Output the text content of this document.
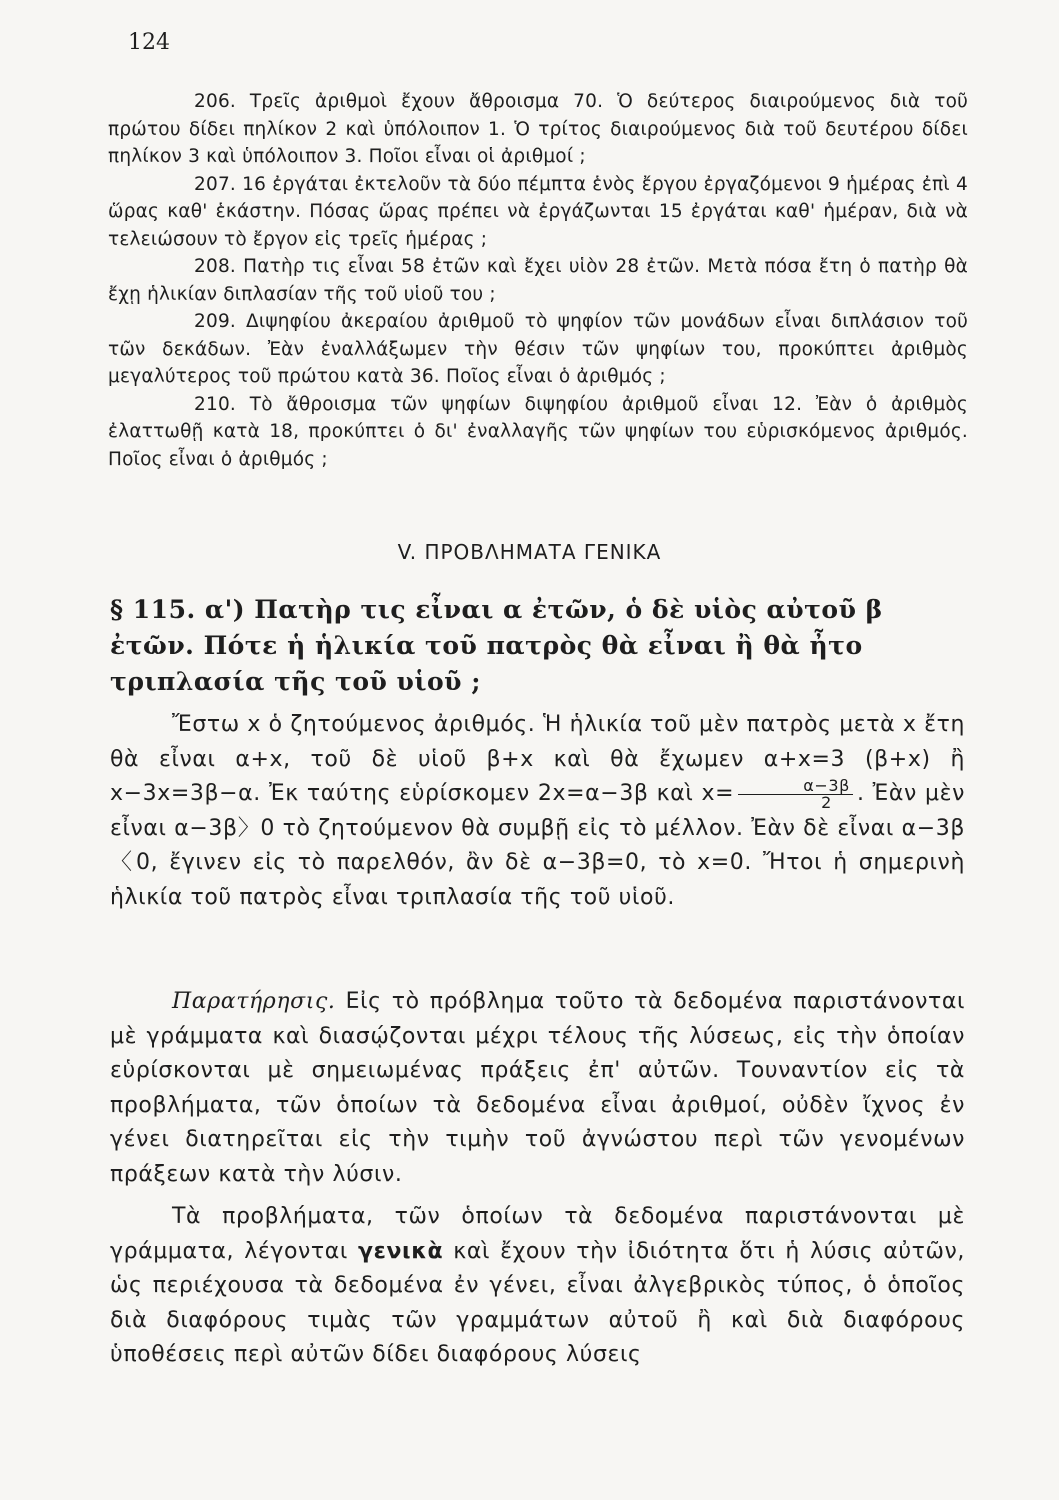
124

206. Τρεῖς ἀριθμοὶ ἔχουν ἄθροισμα 70. Ὁ δεύτερος διαιρούμενος διὰ τοῦ πρώτου δίδει πηλίκον 2 καὶ ὑπόλοιπον 1. Ὁ τρίτος διαιρούμενος διὰ τοῦ δευτέρου δίδει πηλίκον 3 καὶ ὑπόλοιπον 3. Ποῖοι εἶναι οἱ ἀριθμοί ;

207. 16 ἐργάται ἐκτελοῦν τὰ δύο πέμπτα ἑνὸς ἔργου ἐργαζόμενοι 9 ἡμέρας ἐπὶ 4 ὥρας καθ' ἑκάστην. Πόσας ὥρας πρέπει νὰ ἐργάζωνται 15 ἐργάται καθ' ἡμέραν, διὰ νὰ τελειώσουν τὸ ἔργον εἰς τρεῖς ἡμέρας ;

208. Πατὴρ τις εἶναι 58 ἐτῶν καὶ ἔχει υἱὸν 28 ἐτῶν. Μετὰ πόσα ἔτη ὁ πατὴρ θὰ ἔχῃ ἡλικίαν διπλασίαν τῆς τοῦ υἱοῦ του ;

209. Διψηφίου ἀκεραίου ἀριθμοῦ τὸ ψηφίον τῶν μονάδων εἶναι διπλάσιον τοῦ τῶν δεκάδων. Ἐὰν ἐναλλάξωμεν τὴν θέσιν τῶν ψηφίων του, προκύπτει ἀριθμὸς μεγαλύτερος τοῦ πρώτου κατὰ 36. Ποῖος εἶναι ὁ ἀριθμός ;

210. Τὸ ἄθροισμα τῶν ψηφίων διψηφίου ἀριθμοῦ εἶναι 12. Ἐὰν ὁ ἀριθμὸς ἐλαττωθῇ κατὰ 18, προκύπτει ὁ δι' ἐναλλαγῆς τῶν ψηφίων του εὑρισκόμενος ἀριθμός. Ποῖος εἶναι ὁ ἀριθμός ;

V. ΠΡΟΒΛΗΜΑΤΑ ΓΕΝΙΚΑ
§ 115. α') Πατὴρ τις εἶναι α ἐτῶν, ὁ δὲ υἱὸς αὐτοῦ β ἐτῶν. Πότε ἡ ἡλικία τοῦ πατρὸς θὰ εἶναι ἢ θὰ ἦτο τριπλασία τῆς τοῦ υἱοῦ ;

Ἔστω x ὁ ζητούμενος ἀριθμός. Ἡ ἡλικία τοῦ μὲν πατρὸς μετὰ x ἔτη θὰ εἶναι α+x, τοῦ δὲ υἱοῦ β+x καὶ θὰ ἔχωμεν α+x=3 (β+x) ἢ x−3x=3β−α. Ἐκ ταύτης εὑρίσκομεν 2x=α−3β καὶ $x= \frac{\alpha-3\beta}{2}$ . Ἐὰν μὲν εἶναι α−3β〉0 τὸ ζητούμενον θὰ συμβῇ εἰς τὸ μέλλον. Ἐὰν δὲ εἶναι α−3β〈0, ἔγινεν εἰς τὸ παρελθόν, ἂν δὲ α−3β=0, τὸ x=0. Ἤτοι ἡ σημερινὴ ἡλικία τοῦ πατρὸς εἶναι τριπλασία τῆς τοῦ υἱοῦ.

Παρατήρησις. Εἰς τὸ πρόβλημα τοῦτο τὰ δεδομένα παριστάνονται μὲ γράμματα καὶ διασῴζονται μέχρι τέλους τῆς λύσεως, εἰς τὴν ὁποίαν εὑρίσκονται μὲ σημειωμένας πράξεις ἐπ' αὐτῶν. Τουναντίον εἰς τὰ προβλήματα, τῶν ὁποίων τὰ δεδομένα εἶναι ἀριθμοί, οὐδὲν ἴχνος ἐν γένει διατηρεῖται εἰς τὴν τιμὴν τοῦ ἀγνώστου περὶ τῶν γενομένων πράξεων κατὰ τὴν λύσιν.

Τὰ προβλήματα, τῶν ὁποίων τὰ δεδομένα παριστάνονται μὲ γράμματα, λέγονται γενικὰ καὶ ἔχουν τὴν ἰδιότητα ὅτι ἡ λύσις αὐτῶν, ὡς περιέχουσα τὰ δεδομένα ἐν γένει, εἶναι ἀλγεβρικὸς τύπος, ὁ ὁποῖος διὰ διαφόρους τιμὰς τῶν γραμμάτων αὐτοῦ ἢ καὶ διὰ διαφόρους ὑποθέσεις περὶ αὐτῶν δίδει διαφόρους λύσεις
